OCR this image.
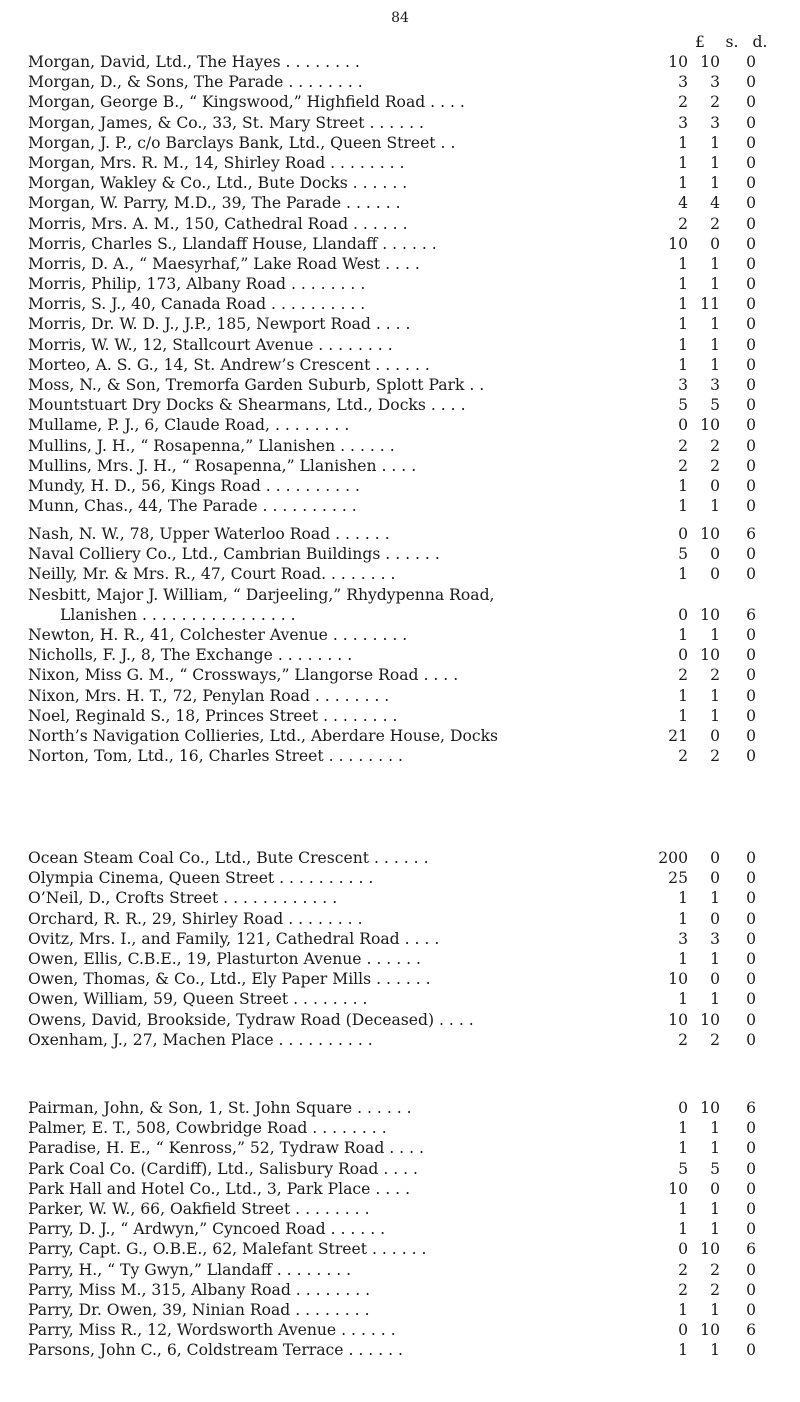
84
£	s. d.
Morgan, David, Ltd., The Hayes . . . . . . . .	10 10	0
Morgan, D., & Sons, The Parade . . . . . . . .	3	3	0
Morgan, George B., “ Kingswood,” Highfield Road . . . .	2	2	0
Morgan, James, & Co., 33, St. Mary Street . . . . . .	3	3	0
Morgan, J. P., c/o Barclays Bank, Ltd., Queen Street . .	1	1	0
Morgan, Mrs. R. M., 14, Shirley Road . . . . . . . .	1	1	0
Morgan, Wakley & Co., Ltd., Bute Docks . . . . . .	1	1	0
Morgan, W. Parry, M.D., 39, The Parade . . . . . .	4	4	0
Morris, Mrs. A. M., 150, Cathedral Road . . . . . .	2	2	0
Morris, Charles S., Llandaff House, Llandaff . . . . . .	10	0	0
Morris, D. A., “ Maesyrhaf,” Lake Road West . . . .	1	1	0
Morris, Philip, 173, Albany Road . . . . . . . .	1	1	0
Morris, S. J., 40, Canada Road . . . . . . . . . .	1 11	0
Morris, Dr. W. D. J., J.P., 185, Newport Road . . . .	1	1	0
Morris, W. W., 12, Stallcourt Avenue . . . . . . . .	1	1	0
Morteo, A. S. G., 14, St. Andrew’s Crescent . . . . . .	1	1	0
Moss, N., & Son, Tremorfa Garden Suburb, Splott Park . .	3	3	0
Mountstuart Dry Docks & Shearmans, Ltd., Docks . . . .	5	5	0
Mullame, P. J., 6, Claude Road, . . . . . . . .	0 10	0
Mullins, J. H., “ Rosapenna,” Llanishen . . . . . .	2	2	0
Mullins, Mrs. J. H., “ Rosapenna,” Llanishen . . . .	2	2	0
Mundy, H. D., 56, Kings Road . . . . . . . . . .	1	0	0
Munn, Chas., 44, The Parade . . . . . . . . . .	1	1	0
Nash, N. W., 78, Upper Waterloo Road . . . . . .	0 10	6
Naval Colliery Co., Ltd., Cambrian Buildings . . . . . .	5	0	0
Neilly, Mr. & Mrs. R., 47, Court Road. . . . . . . .	1	0	0
Nesbitt, Major J. William, “ Darjeeling,” Rhydypenna Road,
Llanishen . . . . . . . . . . . . . . . .	0 10	6
Newton, H. R., 41, Colchester Avenue . . . . . . . .	1	1	0
Nicholls, F. J., 8, The Exchange . . . . . . . .	0 10	0
Nixon, Miss G. M., “ Crossways,” Llangorse Road . . . .	2	2	0
Nixon, Mrs. H. T., 72, Penylan Road . . . . . . . .	1	1	0
Noel, Reginald S., 18, Princes Street . . . . . . . .	1	1	0
North’s Navigation Collieries, Ltd., Aberdare House, Docks	21	0	0
Norton, Tom, Ltd., 16, Charles Street . . . . . . . .	2	2	0
Ocean Steam Coal Co., Ltd., Bute Crescent . . . . . .	200	0	0
Olympia Cinema, Queen Street . . . . . . . . . .	25	0	0
O’Neil, D., Crofts Street . . . . . . . . . . . .	1	1	0
Orchard, R. R., 29, Shirley Road . . . . . . . .	1	0	0
Ovitz, Mrs. I., and Family, 121, Cathedral Road . . . .	3	3	0
Owen, Ellis, C.B.E., 19, Plasturton Avenue . . . . . .	1	1	0
Owen, Thomas, & Co., Ltd., Ely Paper Mills . . . . . .	10	0	0
Owen, William, 59, Queen Street . . . . . . . .	1	1	0
Owens, David, Brookside, Tydraw Road (Deceased) . . . .	10 10	0
Oxenham, J., 27, Machen Place . . . . . . . . . .	2	2	0
Pairman, John, & Son, 1, St. John Square . . . . . .	0 10	6
Palmer, E. T., 508, Cowbridge Road . . . . . . . .	1	1	0
Paradise, H. E., “ Kenross,” 52, Tydraw Road . . . .	1	1	0
Park Coal Co. (Cardiff), Ltd., Salisbury Road . . . .	5	5	0
Park Hall and Hotel Co., Ltd., 3, Park Place . . . .	10	0	0
Parker, W. W., 66, Oakfield Street . . . . . . . .	1	1	0
Parry, D. J., “ Ardwyn,” Cyncoed Road . . . . . .	1	1	0
Parry, Capt. G., O.B.E., 62, Malefant Street . . . . . .	0 10	6
Parry, H., “ Ty Gwyn,” Llandaff . . . . . . . .	2	2	0
Parry, Miss M., 315, Albany Road . . . . . . . .	2	2	0
Parry, Dr. Owen, 39, Ninian Road . . . . . . . .	1	1	0
Parry, Miss R., 12, Wordsworth Avenue . . . . . .	0 10	6
Parsons, John C., 6, Coldstream Terrace . . . . . .	1	1	0
